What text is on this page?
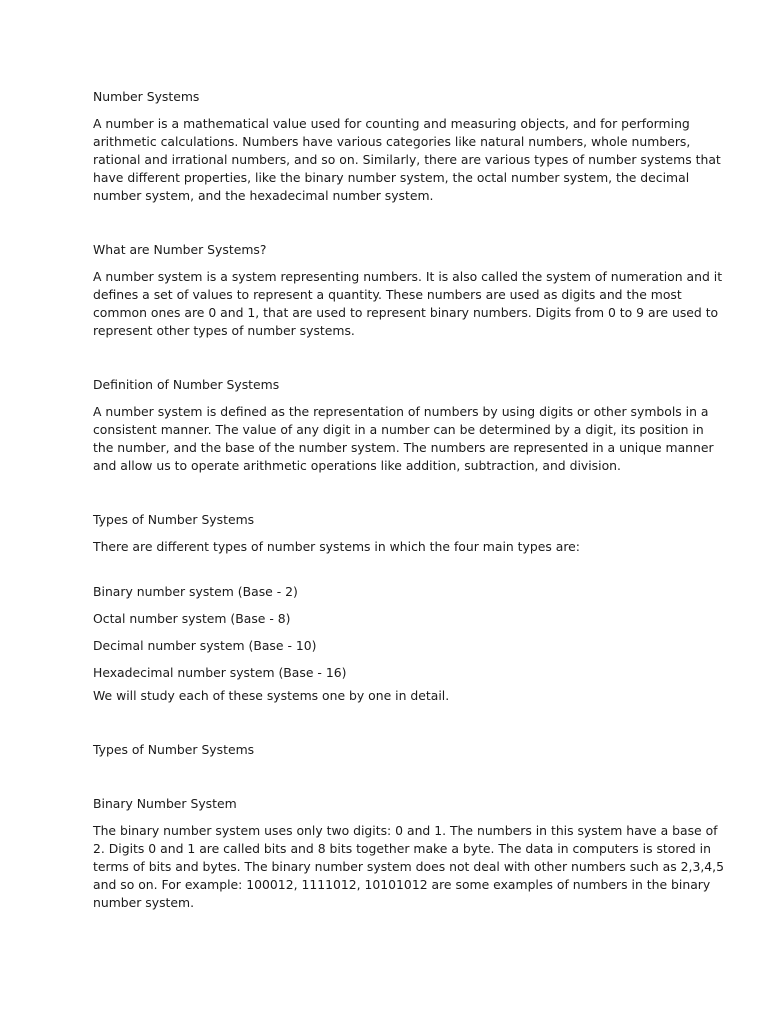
Number Systems

A number is a mathematical value used for counting and measuring objects, and for performing
arithmetic calculations. Numbers have various categories like natural numbers, whole numbers,
rational and irrational numbers, and so on. Similarly, there are various types of number systems that
have different properties, like the binary number system, the octal number system, the decimal
number system, and the hexadecimal number system.

What are Number Systems?

A number system is a system representing numbers. It is also called the system of numeration and it
defines a set of values to represent a quantity. These numbers are used as digits and the most
common ones are 0 and 1, that are used to represent binary numbers. Digits from 0 to 9 are used to
represent other types of number systems.

Definition of Number Systems

A number system is defined as the representation of numbers by using digits or other symbols in a
consistent manner. The value of any digit in a number can be determined by a digit, its position in
the number, and the base of the number system. The numbers are represented in a unique manner
and allow us to operate arithmetic operations like addition, subtraction, and division.

Types of Number Systems

There are different types of number systems in which the four main types are:

Binary number system (Base - 2)

Octal number system (Base - 8)

Decimal number system (Base - 10)

Hexadecimal number system (Base - 16)

We will study each of these systems one by one in detail.

Types of Number Systems

Binary Number System

The binary number system uses only two digits: 0 and 1. The numbers in this system have a base of
2. Digits 0 and 1 are called bits and 8 bits together make a byte. The data in computers is stored in
terms of bits and bytes. The binary number system does not deal with other numbers such as 2,3,4,5
and so on. For example: 100012, 1111012, 10101012 are some examples of numbers in the binary
number system.
